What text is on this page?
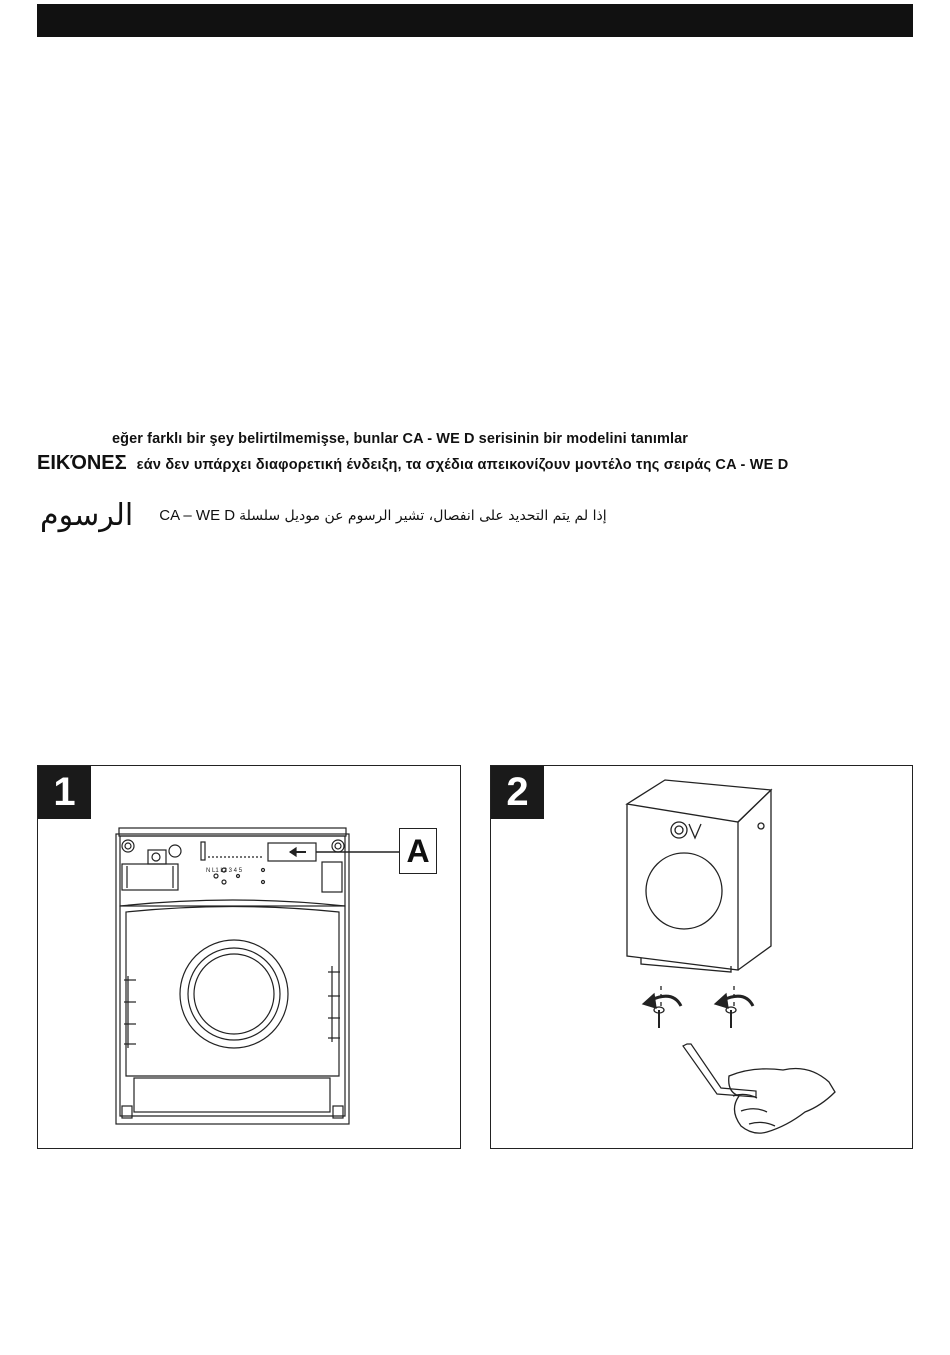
eğer farklı bir şey belirtilmemişse, bunlar CA - WE D serisinin bir modelini tanımlar
ΕΙΚΌΝΕΣ εάν δεν υπάρχει διαφορετική ένδειξη, τα σχέδια απεικονίζουν μοντέλο της σειράς CA - WE D
الرسوم CA – WE D إذا لم يتم التحديد على انفصال، تشير الرسوم عن موديل سلسلة
N L1 L2 3 4 5
1
A
2
